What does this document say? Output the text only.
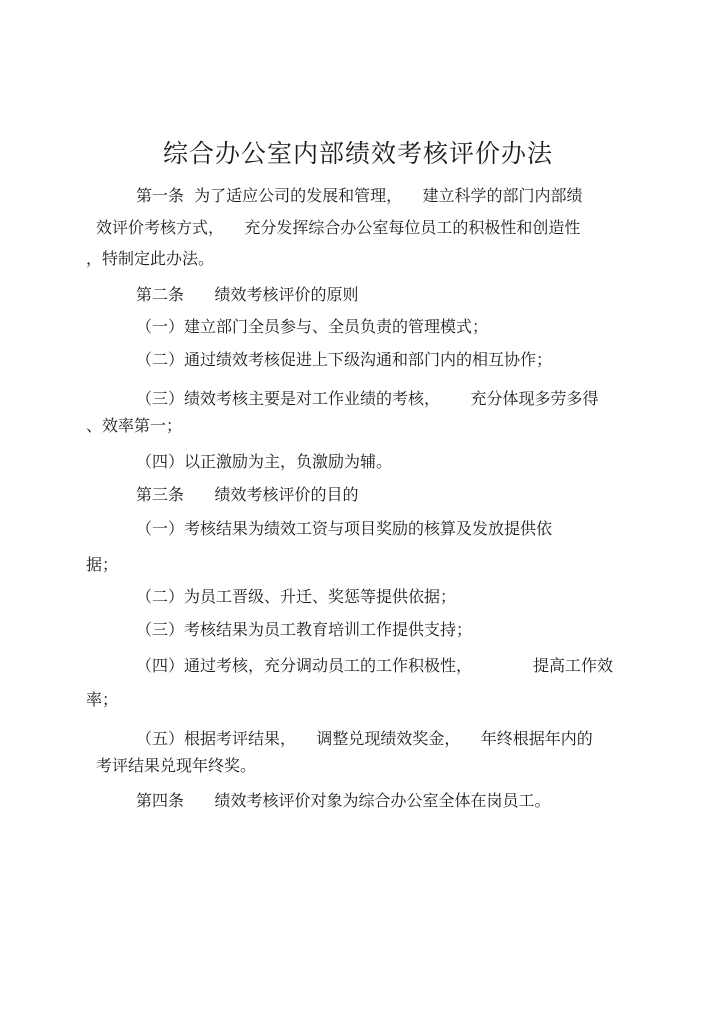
综合办公室内部绩效考核评价办法
第一条  为了适应公司的发展和管理，    建立科学的部门内部绩
效评价考核方式，    充分发挥综合办公室每位员工的积极性和创造性
，特制定此办法。
第二条      绩效考核评价的原则
（一）建立部门全员参与、全员负责的管理模式；
（二）通过绩效考核促进上下级沟通和部门内的相互协作；
（三）绩效考核主要是对工作业绩的考核，      充分体现多劳多得
、效率第一；
（四）以正激励为主，负激励为辅。
第三条      绩效考核评价的目的
（一）考核结果为绩效工资与项目奖励的核算及发放提供依
据；
（二）为员工晋级、升迁、奖惩等提供依据；
（三）考核结果为员工教育培训工作提供支持；
（四）通过考核，充分调动员工的工作积极性，            提高工作效
率；
（五）根据考评结果，    调整兑现绩效奖金，    年终根据年内的
考评结果兑现年终奖。
第四条      绩效考核评价对象为综合办公室全体在岗员工。
